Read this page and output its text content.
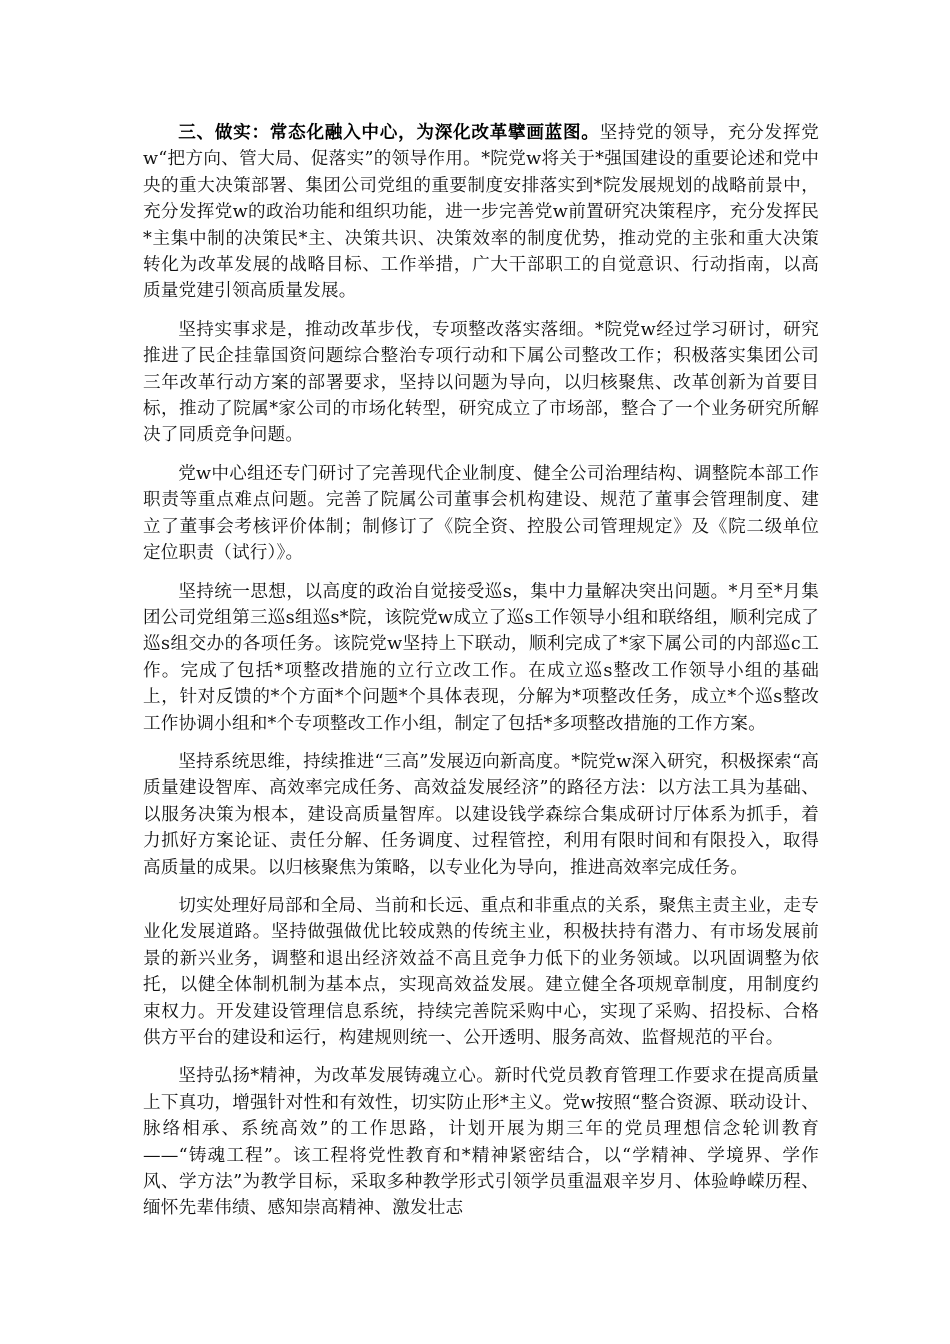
三、做实：常态化融入中心，为深化改革擘画蓝图。坚持党的领导，充分发挥党w“把方向、管大局、促落实”的领导作用。*院党w将关于*强国建设的重要论述和党中央的重大决策部署、集团公司党组的重要制度安排落实到*院发展规划的战略前景中，充分发挥党w的政治功能和组织功能，进一步完善党w前置研究决策程序，充分发挥民*主集中制的决策民*主、决策共识、决策效率的制度优势，推动党的主张和重大决策转化为改革发展的战略目标、工作举措，广大干部职工的自觉意识、行动指南，以高质量党建引领高质量发展。

坚持实事求是，推动改革步伐，专项整改落实落细。*院党w经过学习研讨，研究推进了民企挂靠国资问题综合整治专项行动和下属公司整改工作；积极落实集团公司三年改革行动方案的部署要求，坚持以问题为导向，以归核聚焦、改革创新为首要目标，推动了院属*家公司的市场化转型，研究成立了市场部，整合了一个业务研究所解决了同质竞争问题。

党w中心组还专门研讨了完善现代企业制度、健全公司治理结构、调整院本部工作职责等重点难点问题。完善了院属公司董事会机构建设、规范了董事会管理制度、建立了董事会考核评价体制；制修订了《院全资、控股公司管理规定》及《院二级单位定位职责（试行）》。

坚持统一思想，以高度的政治自觉接受巡s，集中力量解决突出问题。*月至*月集团公司党组第三巡s组巡s*院，该院党w成立了巡s工作领导小组和联络组，顺利完成了巡s组交办的各项任务。该院党w坚持上下联动，顺利完成了*家下属公司的内部巡c工作。完成了包括*项整改措施的立行立改工作。在成立巡s整改工作领导小组的基础上，针对反馈的*个方面*个问题*个具体表现，分解为*项整改任务，成立*个巡s整改工作协调小组和*个专项整改工作小组，制定了包括*多项整改措施的工作方案。

坚持系统思维，持续推进“三高”发展迈向新高度。*院党w深入研究，积极探索“高质量建设智库、高效率完成任务、高效益发展经济”的路径方法：以方法工具为基础、以服务决策为根本，建设高质量智库。以建设钱学森综合集成研讨厅体系为抓手，着力抓好方案论证、责任分解、任务调度、过程管控，利用有限时间和有限投入，取得高质量的成果。以归核聚焦为策略，以专业化为导向，推进高效率完成任务。

切实处理好局部和全局、当前和长远、重点和非重点的关系，聚焦主责主业，走专业化发展道路。坚持做强做优比较成熟的传统主业，积极扶持有潜力、有市场发展前景的新兴业务，调整和退出经济效益不高且竞争力低下的业务领域。以巩固调整为依托，以健全体制机制为基本点，实现高效益发展。建立健全各项规章制度，用制度约束权力。开发建设管理信息系统，持续完善院采购中心，实现了采购、招投标、合格供方平台的建设和运行，构建规则统一、公开透明、服务高效、监督规范的平台。

坚持弘扬*精神，为改革发展铸魂立心。新时代党员教育管理工作要求在提高质量上下真功，增强针对性和有效性，切实防止形*主义。党w按照“整合资源、联动设计、脉络相承、系统高效”的工作思路，计划开展为期三年的党员理想信念轮训教育——“铸魂工程”。该工程将党性教育和*精神紧密结合，以“学精神、学境界、学作风、学方法”为教学目标，采取多种教学形式引领学员重温艰辛岁月、体验峥嵘历程、缅怀先辈伟绩、感知崇高精神、激发壮志
